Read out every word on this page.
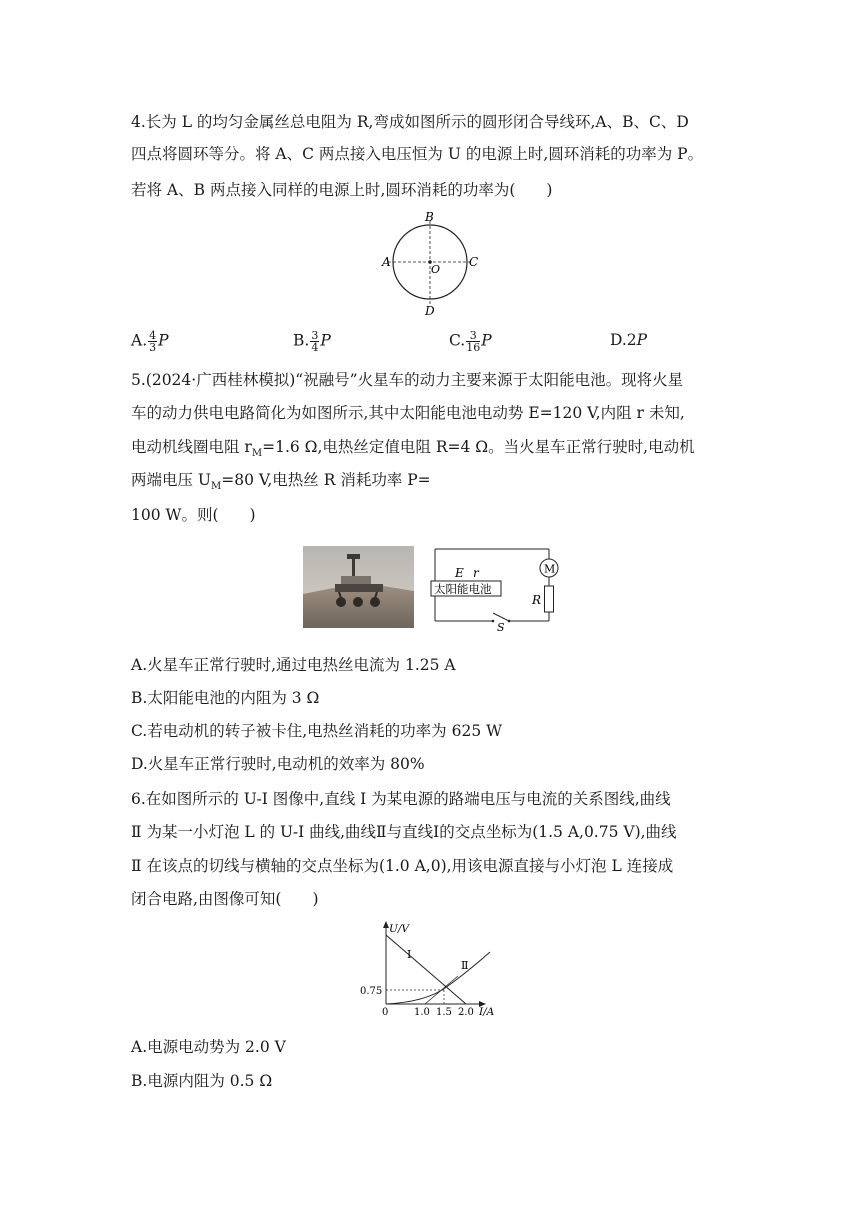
4.长为 L 的均匀金属丝总电阻为 R,弯成如图所示的圆形闭合导线环,A、B、C、D
四点将圆环等分。将 A、C 两点接入电压恒为 U 的电源上时,圆环消耗的功率为 P。
若将 A、B 两点接入同样的电源上时,圆环消耗的功率为(　　)
B
A	C
O
D
A. $\frac{4}{3}$ P	B. $\frac{3}{4}$ P	C. $\frac{3}{16}$ P	D.2P
5.(2024·广西桂林模拟)“祝融号”火星车的动力主要来源于太阳能电池。现将火星
车的动力供电电路简化为如图所示,其中太阳能电池电动势 E=120 V,内阻 r 未知,
电动机线圈电阻 $r_M=1.6$ Ω,电热丝定值电阻 R=4 Ω。当火星车正常行驶时,电动机
两端电压 $U_M=80$ V,电热丝 R 消耗功率 P=
100 W。则(　　)
M
R
S
太阳能电池
E r
A.火星车正常行驶时,通过电热丝电流为 1.25 A
B.太阳能电池的内阻为 3 Ω
C.若电动机的转子被卡住,电热丝消耗的功率为 625 W
D.火星车正常行驶时,电动机的效率为 80%
6.在如图所示的 U-I 图像中,直线 Ⅰ 为某电源的路端电压与电流的关系图线,曲线
Ⅱ 为某一小灯泡 L 的 U-I 曲线,曲线Ⅱ与直线Ⅰ的交点坐标为(1.5 A,0.75 V),曲线
Ⅱ 在该点的切线与横轴的交点坐标为(1.0 A,0),用该电源直接与小灯泡 L 连接成
闭合电路,由图像可知(　　)
U/V
I/A
Ⅰ
Ⅱ
0
0.75
1.0 1.5 2.0
A.电源电动势为 2.0 V
B.电源内阻为 0.5 Ω
